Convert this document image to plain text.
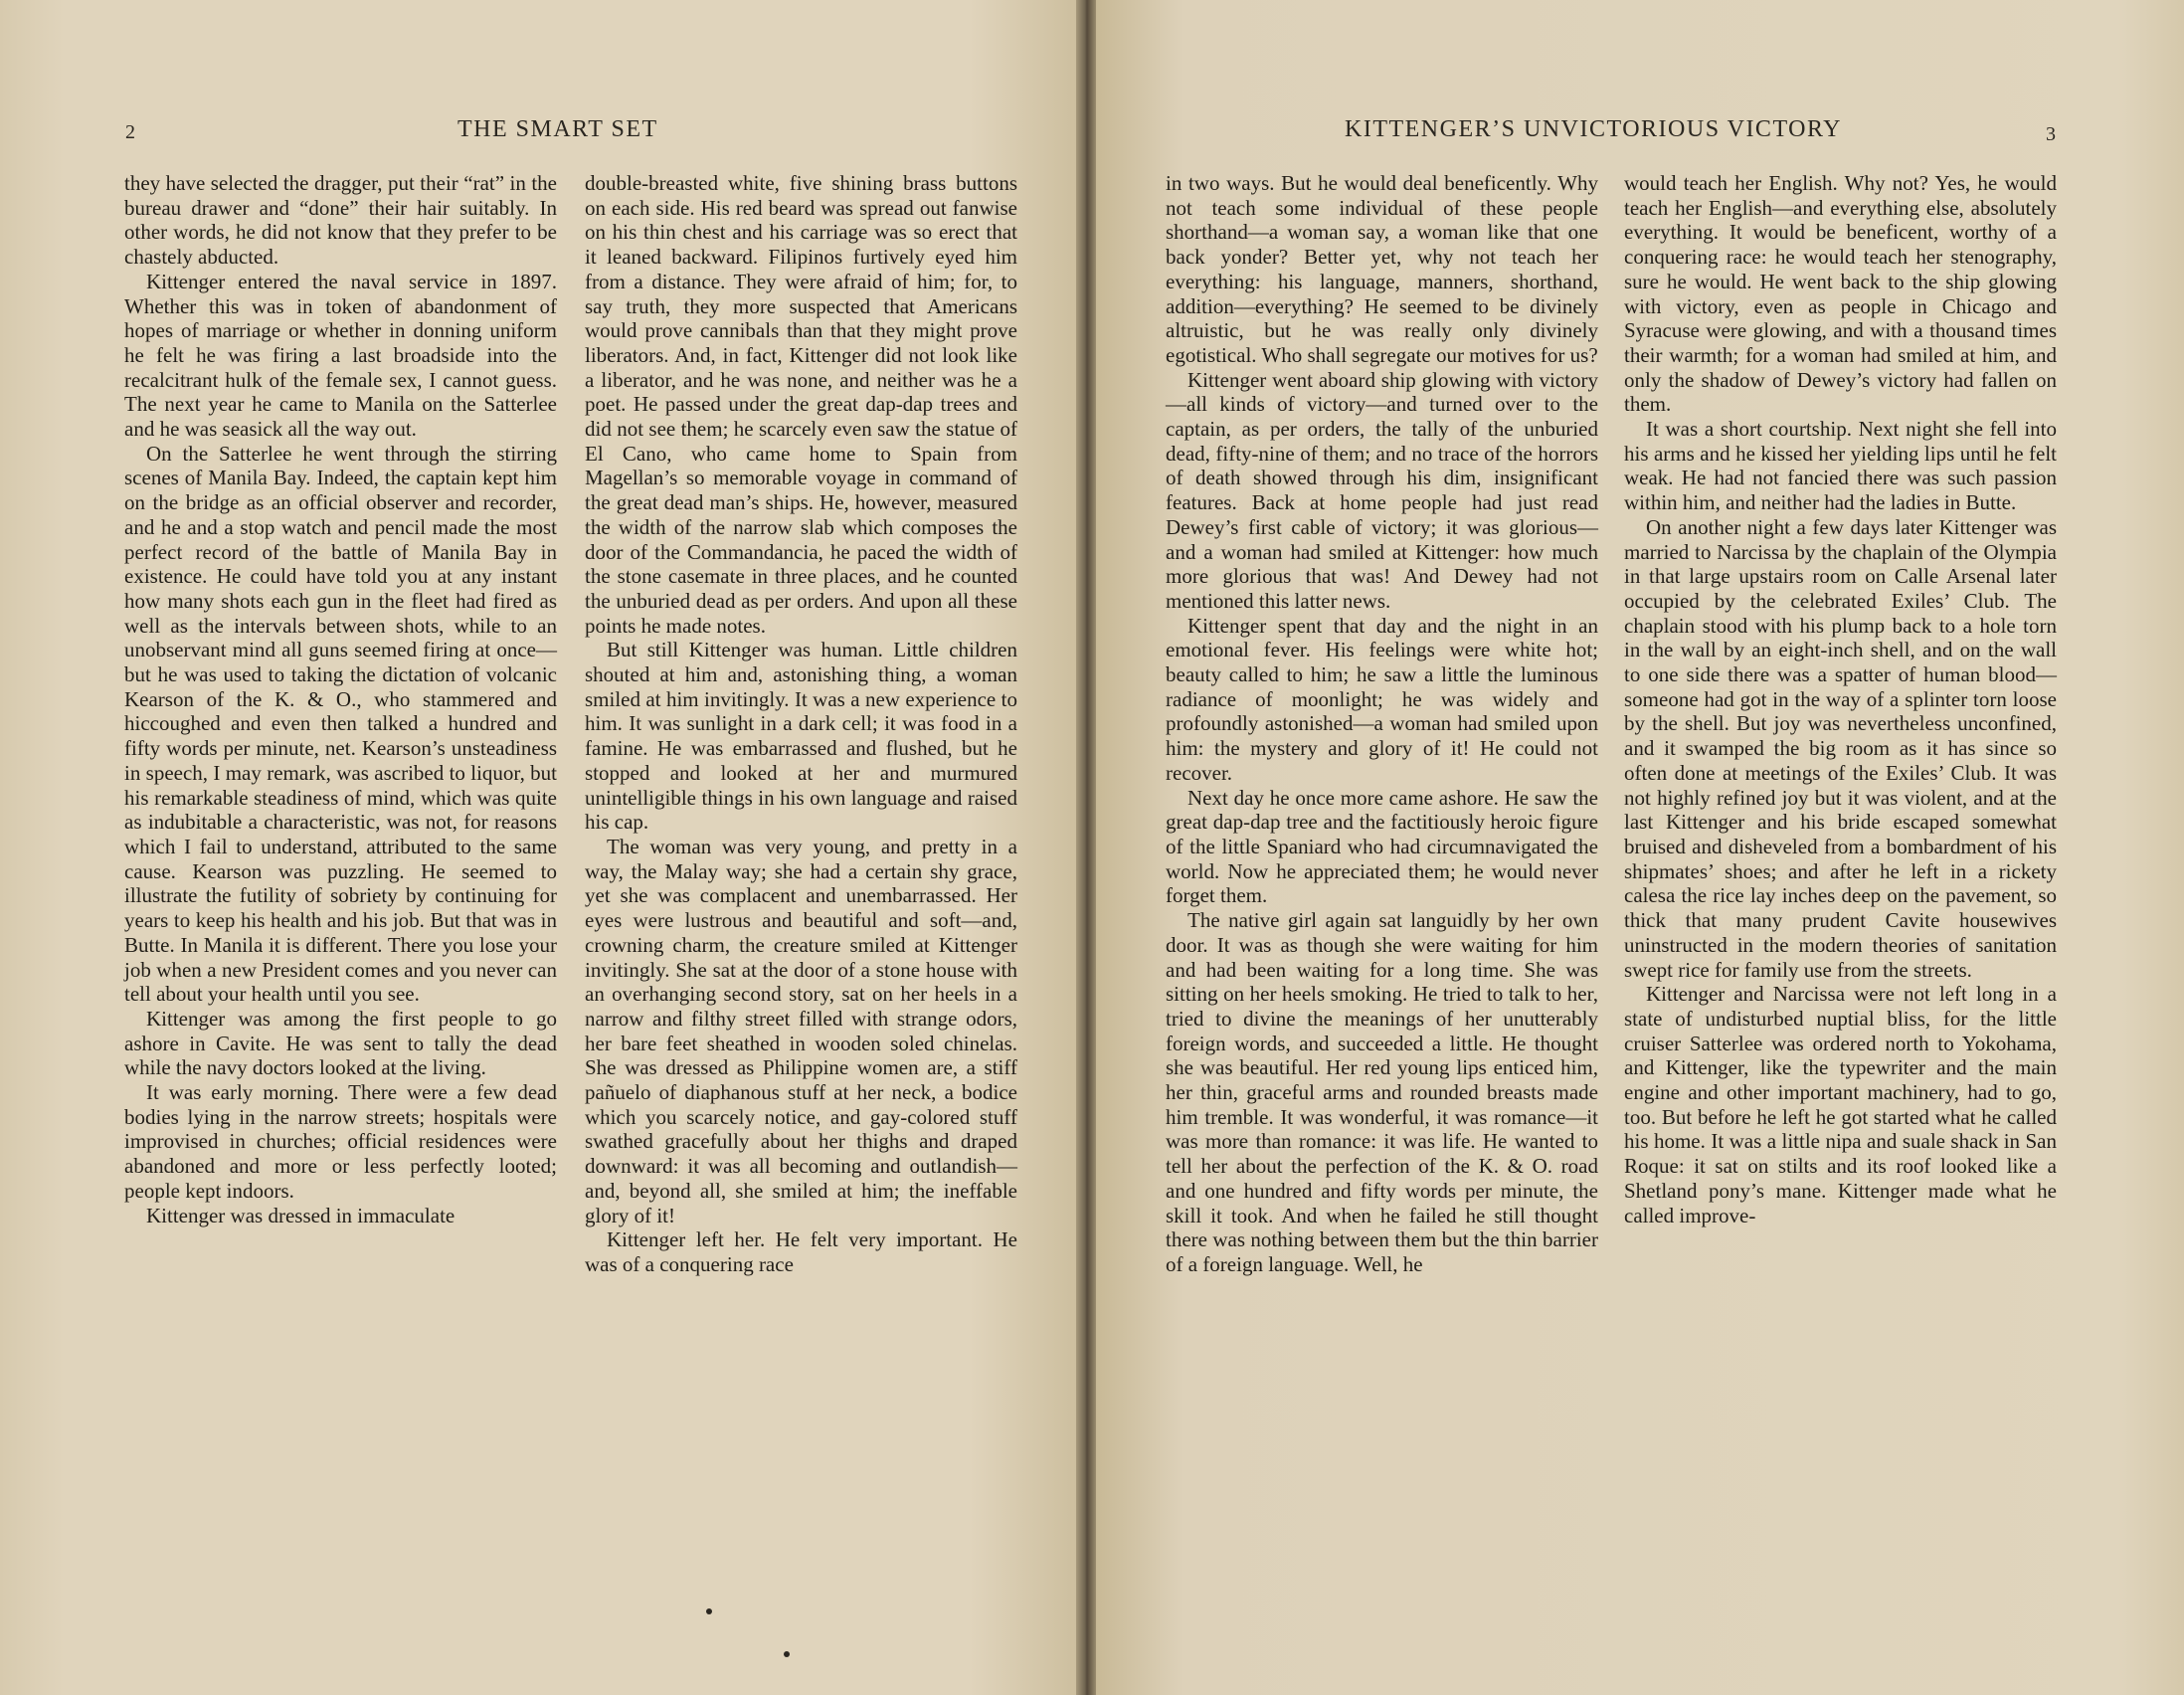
2	THE SMART SET

they have selected the dragger, put their “rat” in the bureau drawer and “done” their hair suitably. In other words, he did not know that they prefer to be chastely abducted.

Kittenger entered the naval service in 1897. Whether this was in token of abandonment of hopes of marriage or whether in donning uniform he felt he was firing a last broadside into the recalcitrant hulk of the female sex, I cannot guess. The next year he came to Manila on the Satterlee and he was seasick all the way out.

On the Satterlee he went through the stirring scenes of Manila Bay. Indeed, the captain kept him on the bridge as an official observer and recorder, and he and a stop watch and pencil made the most perfect record of the battle of Manila Bay in existence. He could have told you at any instant how many shots each gun in the fleet had fired as well as the intervals between shots, while to an unobservant mind all guns seemed firing at once—but he was used to taking the dictation of volcanic Kearson of the K. & O., who stammered and hiccoughed and even then talked a hundred and fifty words per minute, net. Kearson’s unsteadiness in speech, I may remark, was ascribed to liquor, but his remarkable steadiness of mind, which was quite as indubitable a characteristic, was not, for reasons which I fail to understand, attributed to the same cause. Kearson was puzzling. He seemed to illustrate the futility of sobriety by continuing for years to keep his health and his job. But that was in Butte. In Manila it is different. There you lose your job when a new President comes and you never can tell about your health until you see.

Kittenger was among the first people to go ashore in Cavite. He was sent to tally the dead while the navy doctors looked at the living.

It was early morning. There were a few dead bodies lying in the narrow streets; hospitals were improvised in churches; official residences were abandoned and more or less perfectly looted; people kept indoors.

Kittenger was dressed in immaculate

double-breasted white, five shining brass buttons on each side. His red beard was spread out fanwise on his thin chest and his carriage was so erect that it leaned backward. Filipinos furtively eyed him from a distance. They were afraid of him; for, to say truth, they more suspected that Americans would prove cannibals than that they might prove liberators. And, in fact, Kittenger did not look like a liberator, and he was none, and neither was he a poet. He passed under the great dap-dap trees and did not see them; he scarcely even saw the statue of El Cano, who came home to Spain from Magellan’s so memorable voyage in command of the great dead man’s ships. He, however, measured the width of the narrow slab which composes the door of the Commandancia, he paced the width of the stone casemate in three places, and he counted the unburied dead as per orders. And upon all these points he made notes.

But still Kittenger was human. Little children shouted at him and, astonishing thing, a woman smiled at him invitingly. It was a new experience to him. It was sunlight in a dark cell; it was food in a famine. He was embarrassed and flushed, but he stopped and looked at her and murmured unintelligible things in his own language and raised his cap.

The woman was very young, and pretty in a way, the Malay way; she had a certain shy grace, yet she was complacent and unembarrassed. Her eyes were lustrous and beautiful and soft—and, crowning charm, the creature smiled at Kittenger invitingly. She sat at the door of a stone house with an overhanging second story, sat on her heels in a narrow and filthy street filled with strange odors, her bare feet sheathed in wooden soled chinelas. She was dressed as Philippine women are, a stiff pañuelo of diaphanous stuff at her neck, a bodice which you scarcely notice, and gay-colored stuff swathed gracefully about her thighs and draped downward: it was all becoming and outlandish—and, beyond all, she smiled at him; the ineffable glory of it!

Kittenger left her. He felt very important. He was of a conquering race

KITTENGER’S UNVICTORIOUS VICTORY	3

in two ways. But he would deal beneficently. Why not teach some individual of these people shorthand—a woman say, a woman like that one back yonder? Better yet, why not teach her everything: his language, manners, shorthand, addition—everything? He seemed to be divinely altruistic, but he was really only divinely egotistical. Who shall segregate our motives for us?

Kittenger went aboard ship glowing with victory—all kinds of victory—and turned over to the captain, as per orders, the tally of the unburied dead, fifty-nine of them; and no trace of the horrors of death showed through his dim, insignificant features. Back at home people had just read Dewey’s first cable of victory; it was glorious—and a woman had smiled at Kittenger: how much more glorious that was! And Dewey had not mentioned this latter news.

Kittenger spent that day and the night in an emotional fever. His feelings were white hot; beauty called to him; he saw a little the luminous radiance of moonlight; he was widely and profoundly astonished—a woman had smiled upon him: the mystery and glory of it! He could not recover.

Next day he once more came ashore. He saw the great dap-dap tree and the factitiously heroic figure of the little Spaniard who had circumnavigated the world. Now he appreciated them; he would never forget them.

The native girl again sat languidly by her own door. It was as though she were waiting for him and had been waiting for a long time. She was sitting on her heels smoking. He tried to talk to her, tried to divine the meanings of her unutterably foreign words, and succeeded a little. He thought she was beautiful. Her red young lips enticed him, her thin, graceful arms and rounded breasts made him tremble. It was wonderful, it was romance—it was more than romance: it was life. He wanted to tell her about the perfection of the K. & O. road and one hundred and fifty words per minute, the skill it took. And when he failed he still thought there was nothing between them but the thin barrier of a foreign language. Well, he

would teach her English. Why not? Yes, he would teach her English—and everything else, absolutely everything. It would be beneficent, worthy of a conquering race: he would teach her stenography, sure he would. He went back to the ship glowing with victory, even as people in Chicago and Syracuse were glowing, and with a thousand times their warmth; for a woman had smiled at him, and only the shadow of Dewey’s victory had fallen on them.

It was a short courtship. Next night she fell into his arms and he kissed her yielding lips until he felt weak. He had not fancied there was such passion within him, and neither had the ladies in Butte.

On another night a few days later Kittenger was married to Narcissa by the chaplain of the Olympia in that large upstairs room on Calle Arsenal later occupied by the celebrated Exiles’ Club. The chaplain stood with his plump back to a hole torn in the wall by an eight-inch shell, and on the wall to one side there was a spatter of human blood—someone had got in the way of a splinter torn loose by the shell. But joy was nevertheless unconfined, and it swamped the big room as it has since so often done at meetings of the Exiles’ Club. It was not highly refined joy but it was violent, and at the last Kittenger and his bride escaped somewhat bruised and disheveled from a bombardment of his shipmates’ shoes; and after he left in a rickety calesa the rice lay inches deep on the pavement, so thick that many prudent Cavite housewives uninstructed in the modern theories of sanitation swept rice for family use from the streets.

Kittenger and Narcissa were not left long in a state of undisturbed nuptial bliss, for the little cruiser Satterlee was ordered north to Yokohama, and Kittenger, like the typewriter and the main engine and other important machinery, had to go, too. But before he left he got started what he called his home. It was a little nipa and suale shack in San Roque: it sat on stilts and its roof looked like a Shetland pony’s mane. Kittenger made what he called improve-
